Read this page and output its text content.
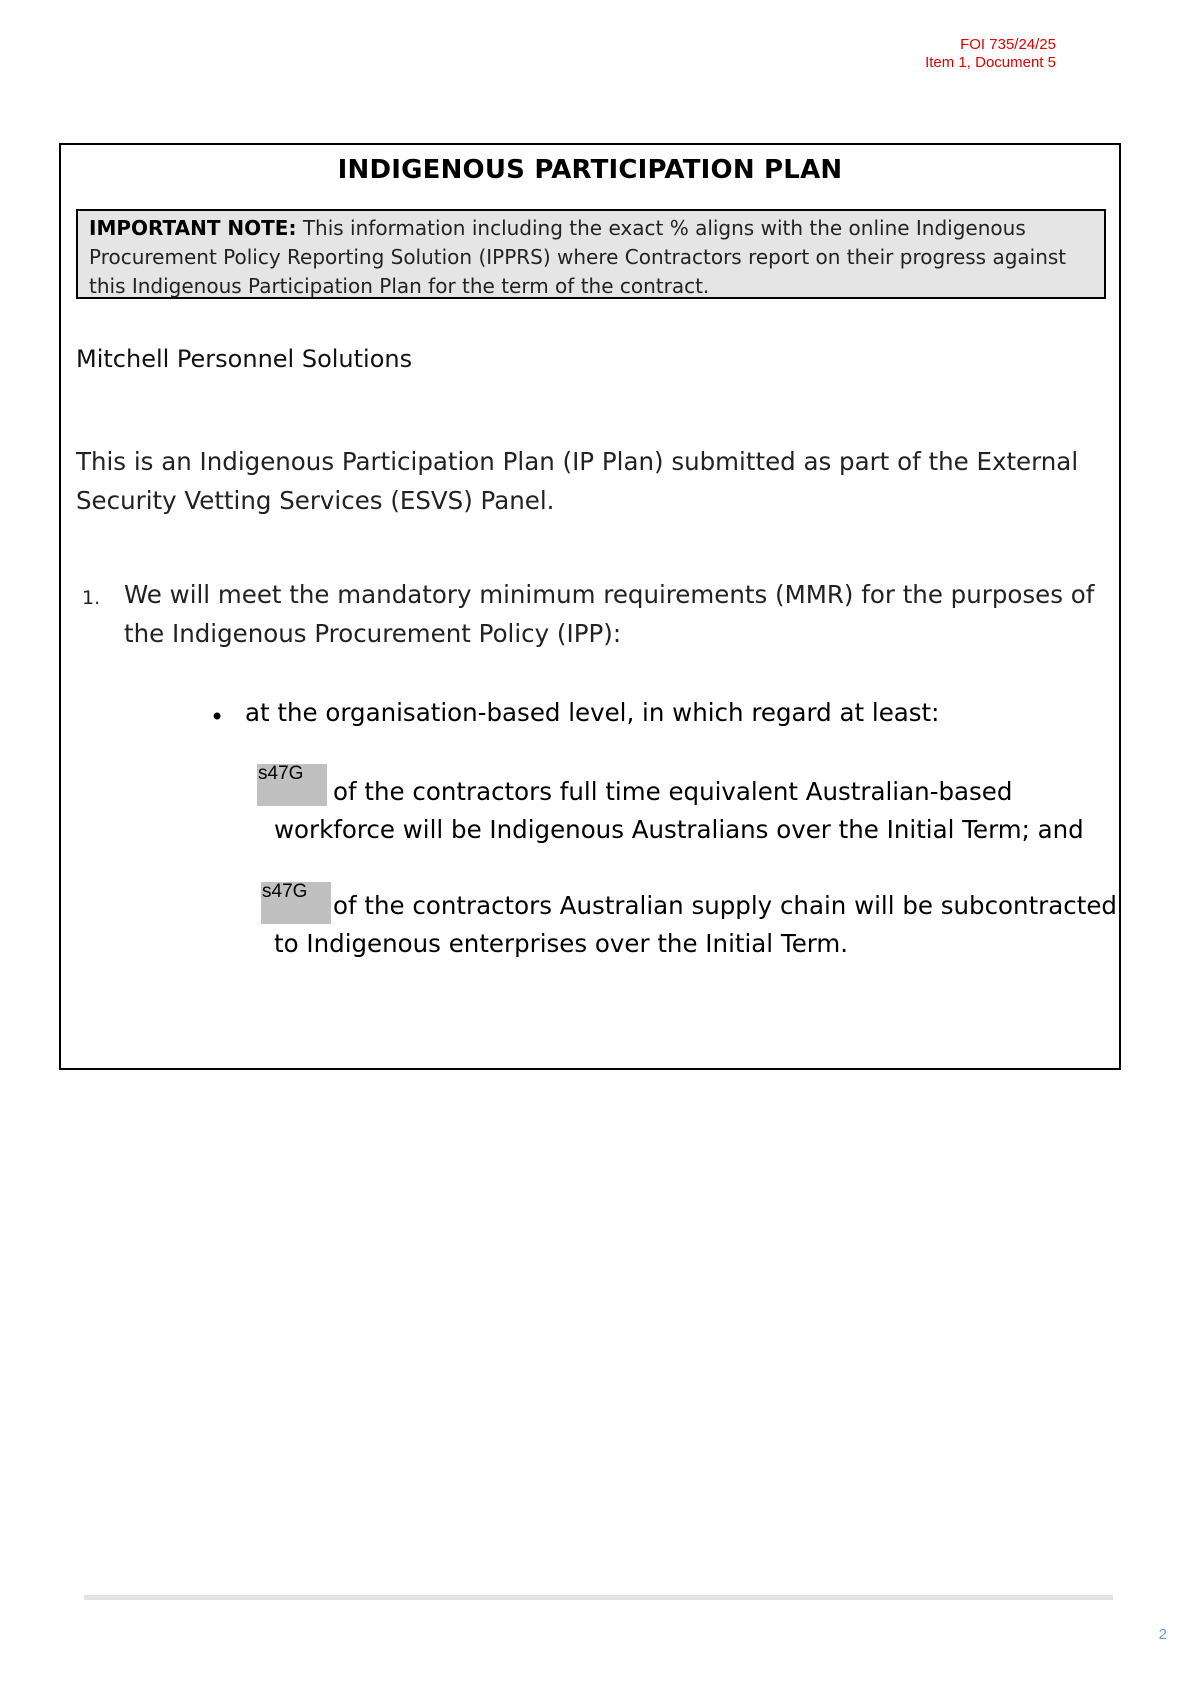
FOI 735/24/25
Item 1, Document 5
INDIGENOUS PARTICIPATION PLAN
IMPORTANT NOTE: This information including the exact % aligns with the online Indigenous Procurement Policy Reporting Solution (IPPRS) where Contractors report on their progress against this Indigenous Participation Plan for the term of the contract.
Mitchell Personnel Solutions
This is an Indigenous Participation Plan (IP Plan) submitted as part of the External Security Vetting Services (ESVS) Panel.
1. We will meet the mandatory minimum requirements (MMR) for the purposes of the Indigenous Procurement Policy (IPP):
• at the organisation-based level, in which regard at least:
of the contractors full time equivalent Australian-based workforce will be Indigenous Australians over the Initial Term; and
s47G
of the contractors Australian supply chain will be subcontracted to Indigenous enterprises over the Initial Term.
s47G
2
